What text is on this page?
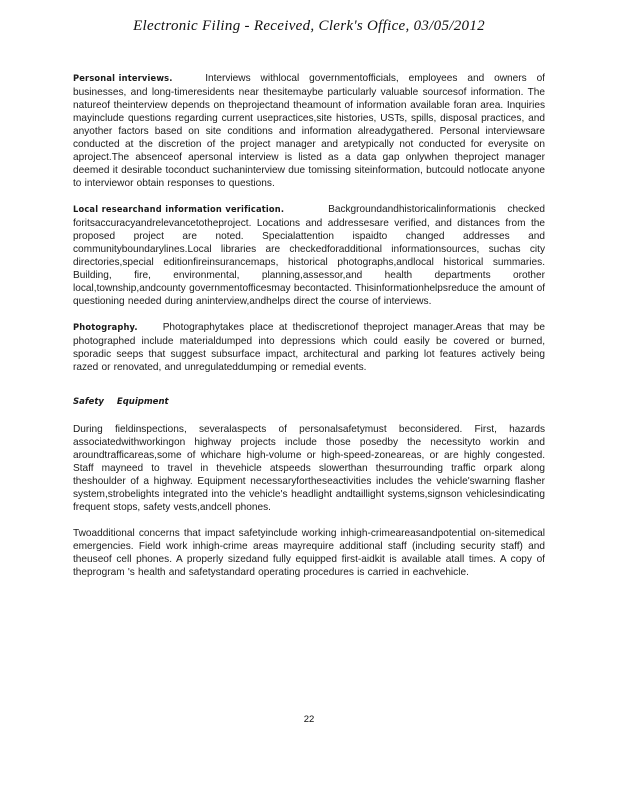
Electronic Filing - Received, Clerk's Office, 03/05/2012

Personal interviews.	Interviews withlocal governmentofficials, employees and owners of businesses, and long-timeresidents near thesitemaybe particularly valuable sourcesof information. The natureof theinterview depends on theprojectand theamount of information available foran area. Inquiries mayinclude questions regarding current usepractices,site histories, USTs, spills, disposal practices, and anyother factors based on site conditions and information alreadygathered. Personal interviewsare conducted at the discretion of the project manager and aretypically not conducted for everysite on aproject.The absenceof apersonal interview is listed as a data gap onlywhen theproject manager deemed it desirable toconduct suchaninterview due tomissing siteinformation, butcould notlocate anyone to interviewor obtain responses to questions.

Local researchand information verification.	Backgroundandhistoricalinformationis checked foritsaccuracyandrelevancetotheproject. Locations and addressesare verified, and distances from the proposed project are noted. Specialattention ispaidto changed addresses and communityboundarylines.Local libraries are checkedforadditional informationsources, suchas city directories,special editionfireinsurancemaps, historical photographs,andlocal historical summaries. Building, fire, environmental, planning,assessor,and health departments orother local,township,andcounty governmentofficesmay becontacted. Thisinformationhelpsreduce the amount of questioning needed during aninterview,andhelps direct the course of interviews.

Photography. Photographytakes place at thediscretionof theproject manager.Areas that may be photographed include materialdumped into depressions which could easily be covered or burned, sporadic seeps that suggest subsurface impact, architectural and parking lot features actively being razed or renovated, and unregulateddumping or remedial events.

Safety Equipment

During fieldinspections, severalaspects of personalsafetymust beconsidered. First, hazards associatedwithworkingon highway projects include those posedby the necessityto workin and aroundtrafficareas,some of whichare high-volume or high-speed-zoneareas, or are highly congested. Staff mayneed to travel in thevehicle atspeeds slowerthan thesurrounding traffic orpark along theshoulder of a highway. Equipment necessaryfortheseactivities includes the vehicle'swarning flasher system,strobelights integrated into the vehicle's headlight andtaillight systems,signson vehiclesindicating frequent stops, safety vests,andcell phones.

Twoadditional concerns that impact safetyinclude working inhigh-crimeareasandpotential on-sitemedical emergencies. Field work inhigh-crime areas mayrequire additional staff (including security staff) and theuseof cell phones. A properly sizedand fully equipped first-aidkit is available atall times. A copy of theprogram 's health and safetystandard operating procedures is carried in eachvehicle.

22
